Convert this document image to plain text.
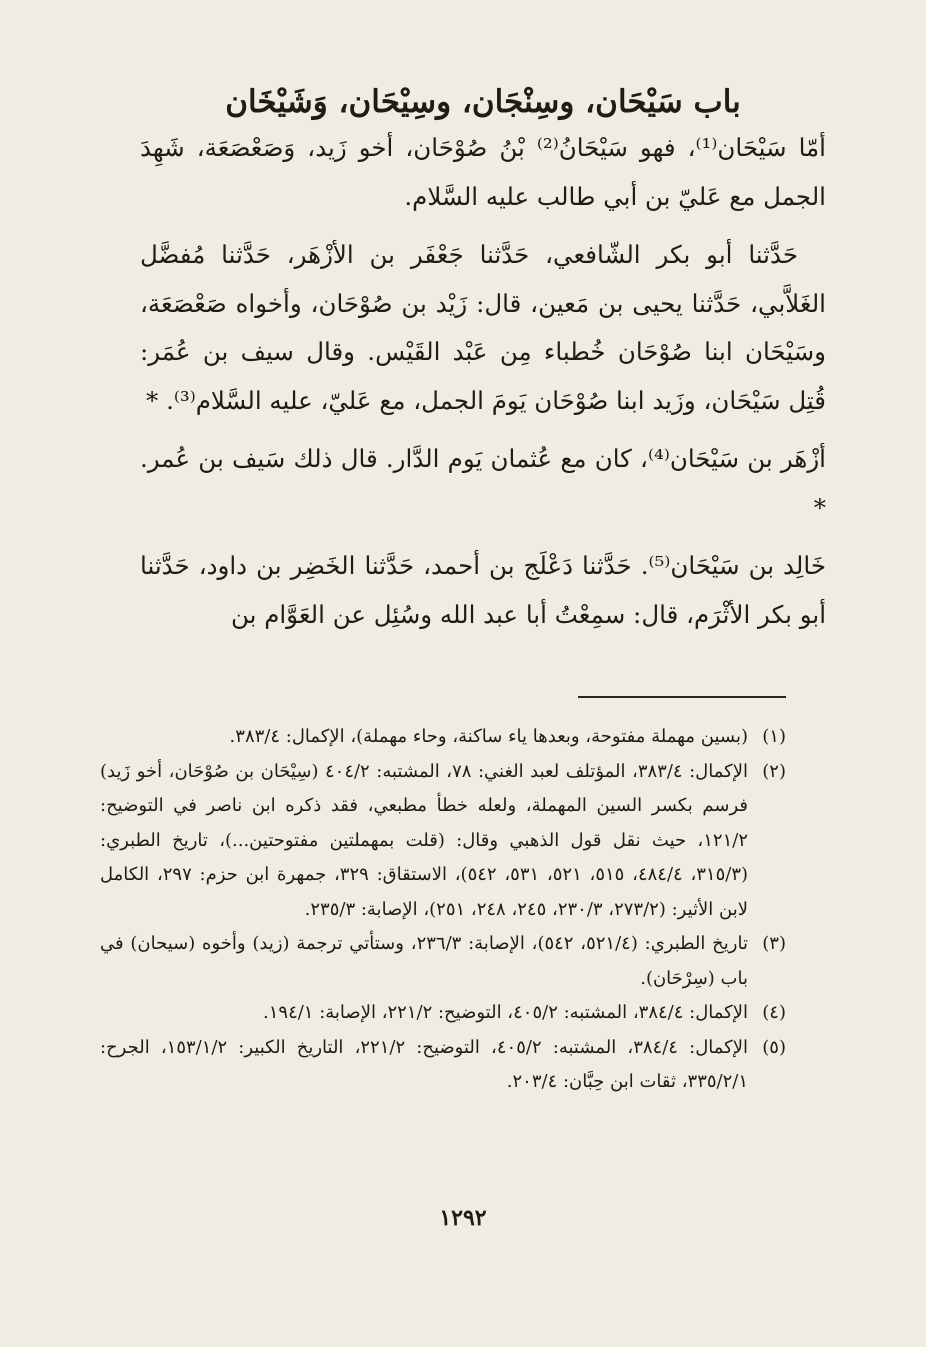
باب سَيْحَان، وسِنْجَان، وسِيْحَان، وَشَيْخَان

أمّا سَيْحَان⁽¹⁾، فهو سَيْحَانُ⁽²⁾ بْنُ صُوْحَان، أخو زَيد، وَصَعْصَعَة، شَهِدَ الجمل مع عَليّ بن أبي طالب عليه السَّلام.

حَدَّثنا أبو بكر الشّافعي، حَدَّثنا جَعْفَر بن الأزْهَر، حَدَّثنا مُفضَّل الغَلاَّبي، حَدَّثنا يحيى بن مَعين، قال: زَيْد بن صُوْحَان، وأخواه صَعْصَعَة، وسَيْحَان ابنا صُوْحَان خُطباء مِن عَبْد القَيْس. وقال سيف بن عُمَر: قُتِل سَيْحَان، وزَيد ابنا صُوْحَان يَومَ الجمل، مع عَليّ، عليه السَّلام⁽³⁾. *

أزْهَر بن سَيْحَان⁽⁴⁾، كان مع عُثمان يَوم الدَّار. قال ذلك سَيف بن عُمر. *

خَالِد بن سَيْحَان⁽⁵⁾. حَدَّثنا دَعْلَج بن أحمد، حَدَّثنا الخَضِر بن داود، حَدَّثنا أبو بكر الأثْرَم، قال: سمِعْتُ أبا عبد الله وسُئِل عن العَوَّام بن

(١)
(بسين مهملة مفتوحة، وبعدها ياء ساكنة، وحاء مهملة)، الإكمال: ٣٨٣/٤.
(٢)
الإكمال: ٣٨٣/٤، المؤتلف لعبد الغني: ٧٨، المشتبه: ٤٠٤/٢ (سِيْحَان بن صُوْحَان، أخو زَيد) فرسم بكسر السين المهملة، ولعله خطأ مطبعي، فقد ذكره ابن ناصر في التوضيح: ١٢١/٢، حيث نقل قول الذهبي وقال: (قلت بمهملتين مفتوحتين...)، تاريخ الطبري: (٣١٥/٣، ٤٨٤/٤، ٥١٥، ٥٢١، ٥٣١، ٥٤٢)، الاستقاق: ٣٢٩، جمهرة ابن حزم: ٢٩٧، الكامل لابن الأثير: (٢٧٣/٢، ٢٣٠/٣، ٢٤٥، ٢٤٨، ٢٥١)، الإصابة: ٢٣٥/٣.
(٣)
تاريخ الطبري: (٥٢١/٤، ٥٤٢)، الإصابة: ٢٣٦/٣، وستأتي ترجمة (زيد) وأخوه (سيحان) في باب (سِرْحَان).
(٤)
الإكمال: ٣٨٤/٤، المشتبه: ٤٠٥/٢، التوضيح: ٢٢١/٢، الإصابة: ١٩٤/١.
(٥)
الإكمال: ٣٨٤/٤، المشتبه: ٤٠٥/٢، التوضيح: ٢٢١/٢، التاريخ الكبير: ١٥٣/١/٢، الجرح: ٣٣٥/٢/١، ثقات ابن حِبَّان: ٢٠٣/٤.
١٢٩٢
